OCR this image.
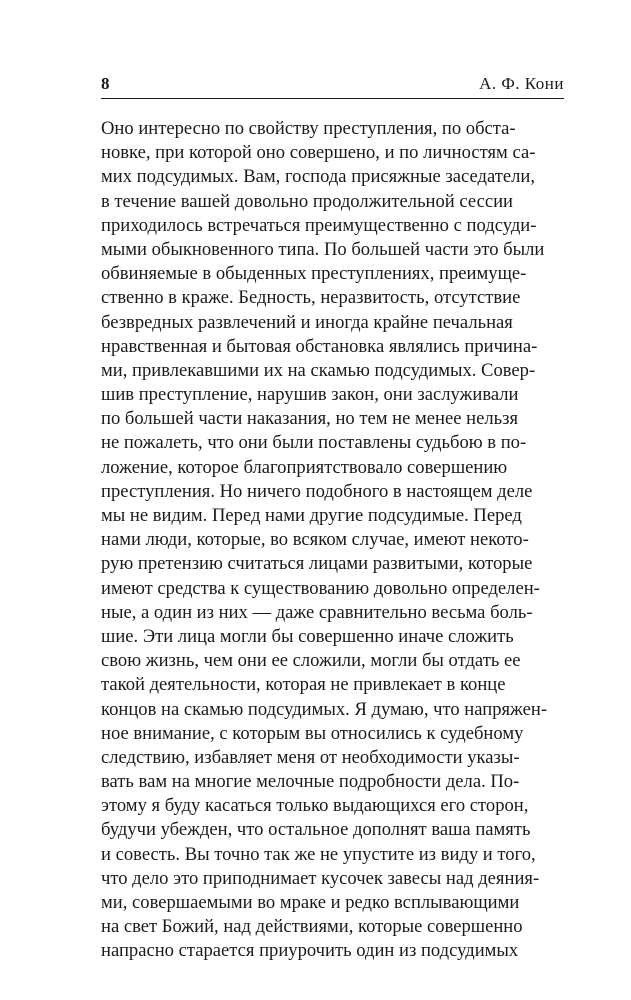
8	А. Ф. Кони
Оно интересно по свойству преступления, по обста-
новке, при которой оно совершено, и по личностям са-
мих подсудимых. Вам, господа присяжные заседатели,
в течение вашей довольно продолжительной сессии
приходилось встречаться преимущественно с подсуди-
мыми обыкновенного типа. По большей части это были
обвиняемые в обыденных преступлениях, преимуще-
ственно в краже. Бедность, неразвитость, отсутствие
безвредных развлечений и иногда крайне печальная
нравственная и бытовая обстановка являлись причина-
ми, привлекавшими их на скамью подсудимых. Совер-
шив преступление, нарушив закон, они заслуживали
по большей части наказания, но тем не менее нельзя
не пожалеть, что они были поставлены судьбою в по-
ложение, которое благоприятствовало совершению
преступления. Но ничего подобного в настоящем деле
мы не видим. Перед нами другие подсудимые. Перед
нами люди, которые, во всяком случае, имеют некото-
рую претензию считаться лицами развитыми, которые
имеют средства к существованию довольно определен-
ные, а один из них — даже сравнительно весьма боль-
шие. Эти лица могли бы совершенно иначе сложить
свою жизнь, чем они ее сложили, могли бы отдать ее
такой деятельности, которая не привлекает в конце
концов на скамью подсудимых. Я думаю, что напряжен-
ное внимание, с которым вы относились к судебному
следствию, избавляет меня от необходимости указы-
вать вам на многие мелочные подробности дела. По-
этому я буду касаться только выдающихся его сторон,
будучи убежден, что остальное дополнят ваша память
и совесть. Вы точно так же не упустите из виду и того,
что дело это приподнимает кусочек завесы над деяния-
ми, совершаемыми во мраке и редко всплывающими
на свет Божий, над действиями, которые совершенно
напрасно старается приурочить один из подсудимых
